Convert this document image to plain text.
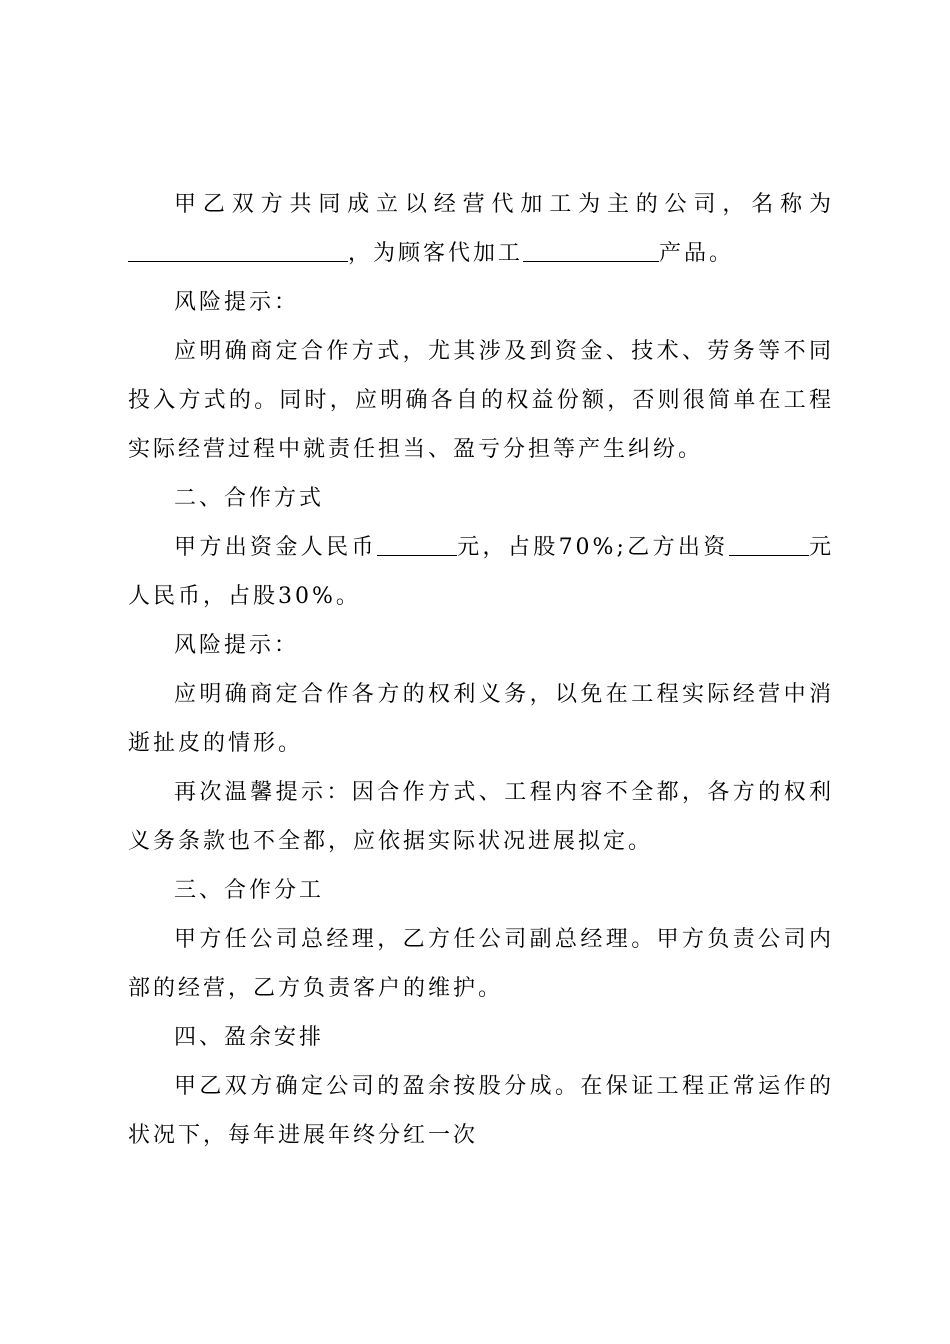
甲乙双方共同成立以经营代加工为主的公司，名称为，为顾客代加工	产品。

风险提示：

应明确商定合作方式，尤其涉及到资金、技术、劳务等不同投入方式的。同时，应明确各自的权益份额，否则很简单在工程实际经营过程中就责任担当、盈亏分担等产生纠纷。

二、合作方式

甲方出资金人民币	元，占股70%;乙方出资	元人民币，占股30%。

风险提示：

应明确商定合作各方的权利义务，以免在工程实际经营中消逝扯皮的情形。

再次温馨提示：因合作方式、工程内容不全都，各方的权利义务条款也不全都，应依据实际状况进展拟定。

三、合作分工

甲方任公司总经理，乙方任公司副总经理。甲方负责公司内部的经营，乙方负责客户的维护。

四、盈余安排

甲乙双方确定公司的盈余按股分成。在保证工程正常运作的状况下，每年进展年终分红一次
